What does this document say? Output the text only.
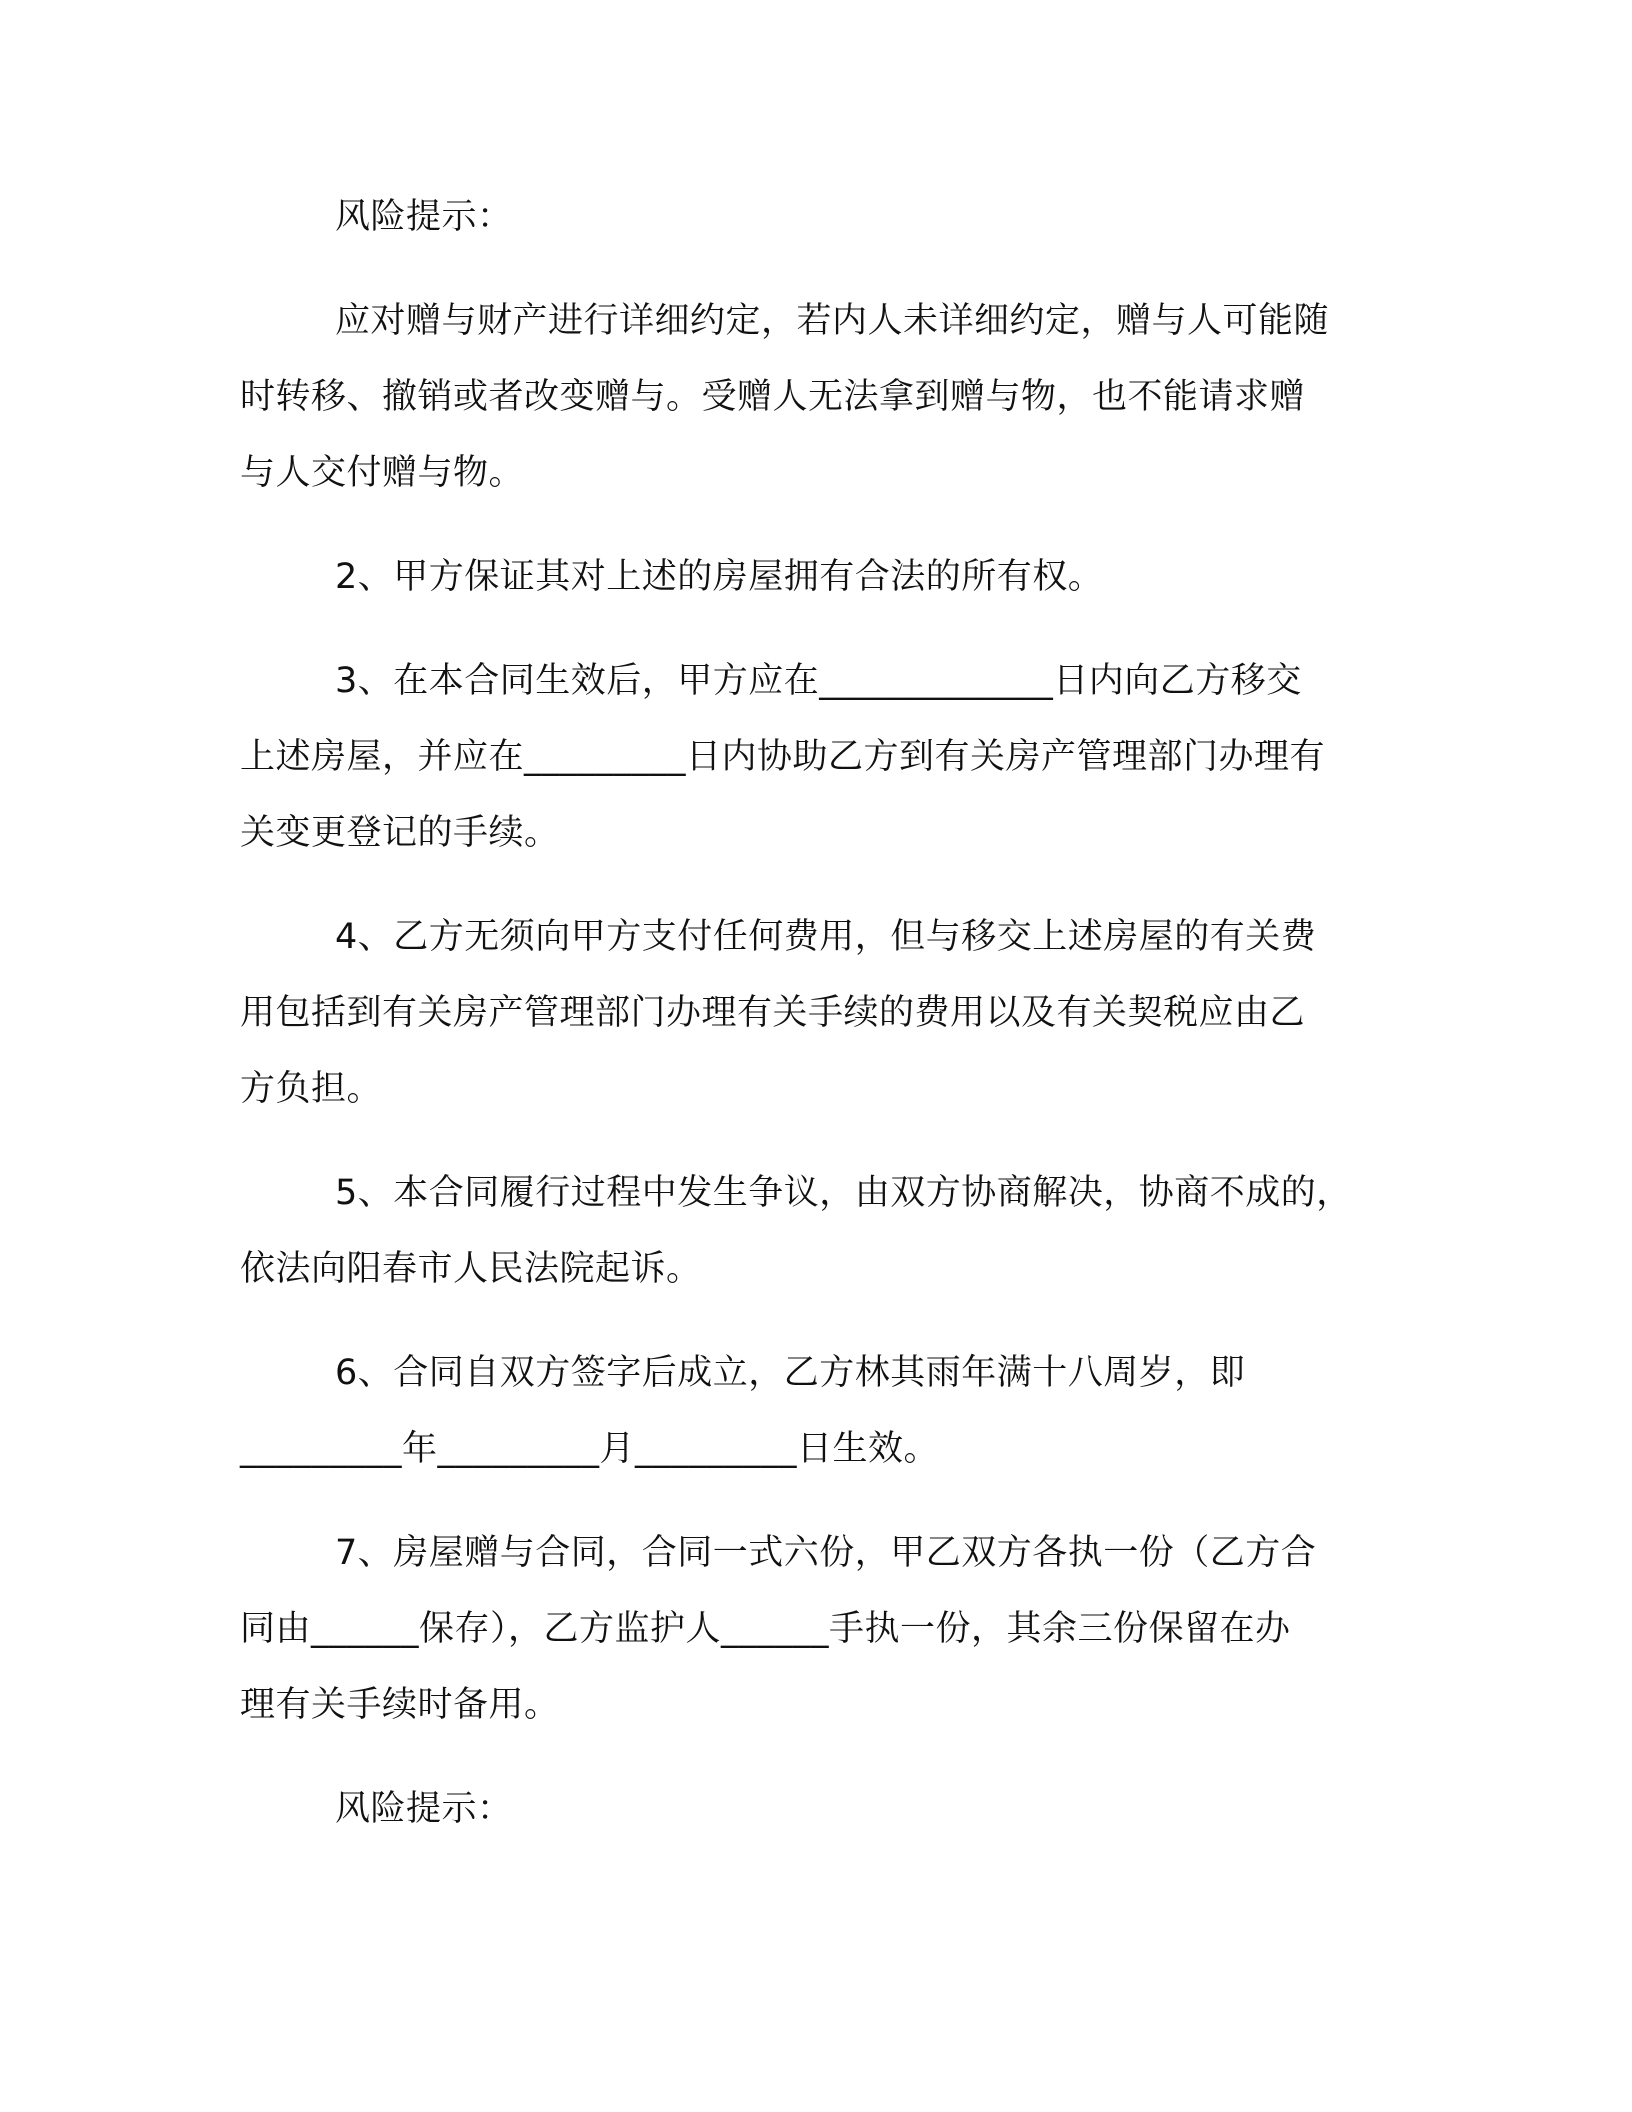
风险提示：
应对赠与财产进行详细约定，若内人未详细约定，赠与人可能随
时转移、撤销或者改变赠与。受赠人无法拿到赠与物，也不能请求赠
与人交付赠与物。
2、甲方保证其对上述的房屋拥有合法的所有权。
3、在本合同生效后，甲方应在_____________日内向乙方移交
上述房屋，并应在_________日内协助乙方到有关房产管理部门办理有
关变更登记的手续。
4、乙方无须向甲方支付任何费用，但与移交上述房屋的有关费
用包括到有关房产管理部门办理有关手续的费用以及有关契税应由乙
方负担。
5、本合同履行过程中发生争议，由双方协商解决，协商不成的，
依法向阳春市人民法院起诉。
6、合同自双方签字后成立，乙方林其雨年满十八周岁，即
_________年_________月_________日生效。
7、房屋赠与合同，合同一式六份，甲乙双方各执一份（乙方合
同由______保存），乙方监护人______手执一份，其余三份保留在办
理有关手续时备用。
风险提示：
